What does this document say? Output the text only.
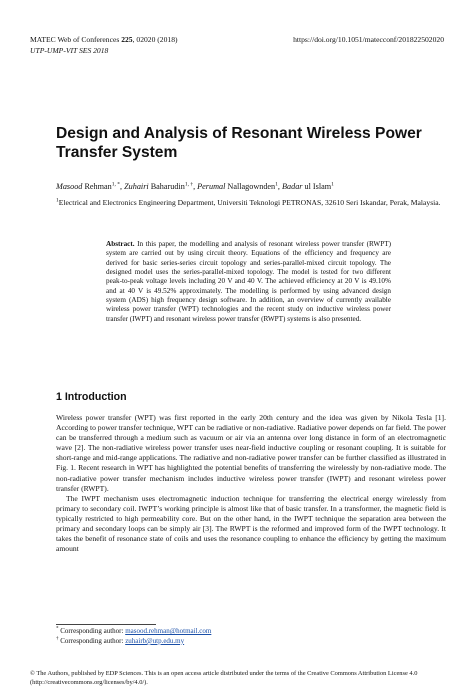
MATEC Web of Conferences 225, 02020 (2018)	https://doi.org/10.1051/matecconf/201822502020
UTP-UMP-VIT SES 2018
Design and Analysis of Resonant Wireless Power Transfer System
Masood Rehman$^{1, *}$, Zuhairi Baharudin$^{1, \dagger}$, Perumal Nallagownden$^1$, Badar ul Islam$^1$
$^1$Electrical and Electronics Engineering Department, Universiti Teknologi PETRONAS, 32610 Seri Iskandar, Perak, Malaysia.
Abstract. In this paper, the modelling and analysis of resonant wireless power transfer (RWPT) system are carried out by using circuit theory. Equations of the efficiency and frequency are derived for basic series-series circuit topology and series-parallel-mixed circuit topology. The designed model uses the series-parallel-mixed topology. The model is tested for two different peak-to-peak voltage levels including 20 V and 40 V. The achieved efficiency at 20 V is 49.10% and at 40 V is 49.52% approximately. The modelling is performed by using advanced design system (ADS) high frequency design software. In addition, an overview of currently available wireless power transfer (WPT) technologies and the recent study on inductive wireless power transfer (IWPT) and resonant wireless power transfer (RWPT) systems is also presented.
1 Introduction

Wireless power transfer (WPT) was first reported in the early 20th century and the idea was given by Nikola Tesla [1]. According to power transfer technique, WPT can be radiative or non-radiative. Radiative power depends on far field. The power can be transferred through a medium such as vacuum or air via an antenna over long distance in form of an electromagnetic wave [2]. The non-radiative wireless power transfer uses near-field inductive coupling or resonant coupling. It is suitable for short-range and mid-range applications. The radiative and non-radiative power transfer can be further classified as illustrated in Fig. 1. Recent research in WPT has highlighted the potential benefits of transferring the wirelessly by non-radiative mode. The non-radiative power transfer mechanism includes inductive wireless power transfer (IWPT) and resonant wireless power transfer (RWPT).

The IWPT mechanism uses electromagnetic induction technique for transferring the electrical energy wirelessly from primary to secondary coil. IWPT’s working principle is almost like that of basic transfer. In a transformer, the magnetic field is typically restricted to high permeability core. But on the other hand, in the IWPT technique the separation area between the primary and secondary loops can be simply air [3]. The RWPT is the reformed and improved form of the IWPT technology. It takes the benefit of resonance state of coils and uses the resonance coupling to enhance the efficiency by getting the maximum amount

* Corresponding author: masood.rehman@hotmail.com
† Corresponding author: zuhairb@utp.edu.my
© The Authors, published by EDP Sciences. This is an open access article distributed under the terms of the Creative Commons Attribution License 4.0 (http://creativecommons.org/licenses/by/4.0/).
